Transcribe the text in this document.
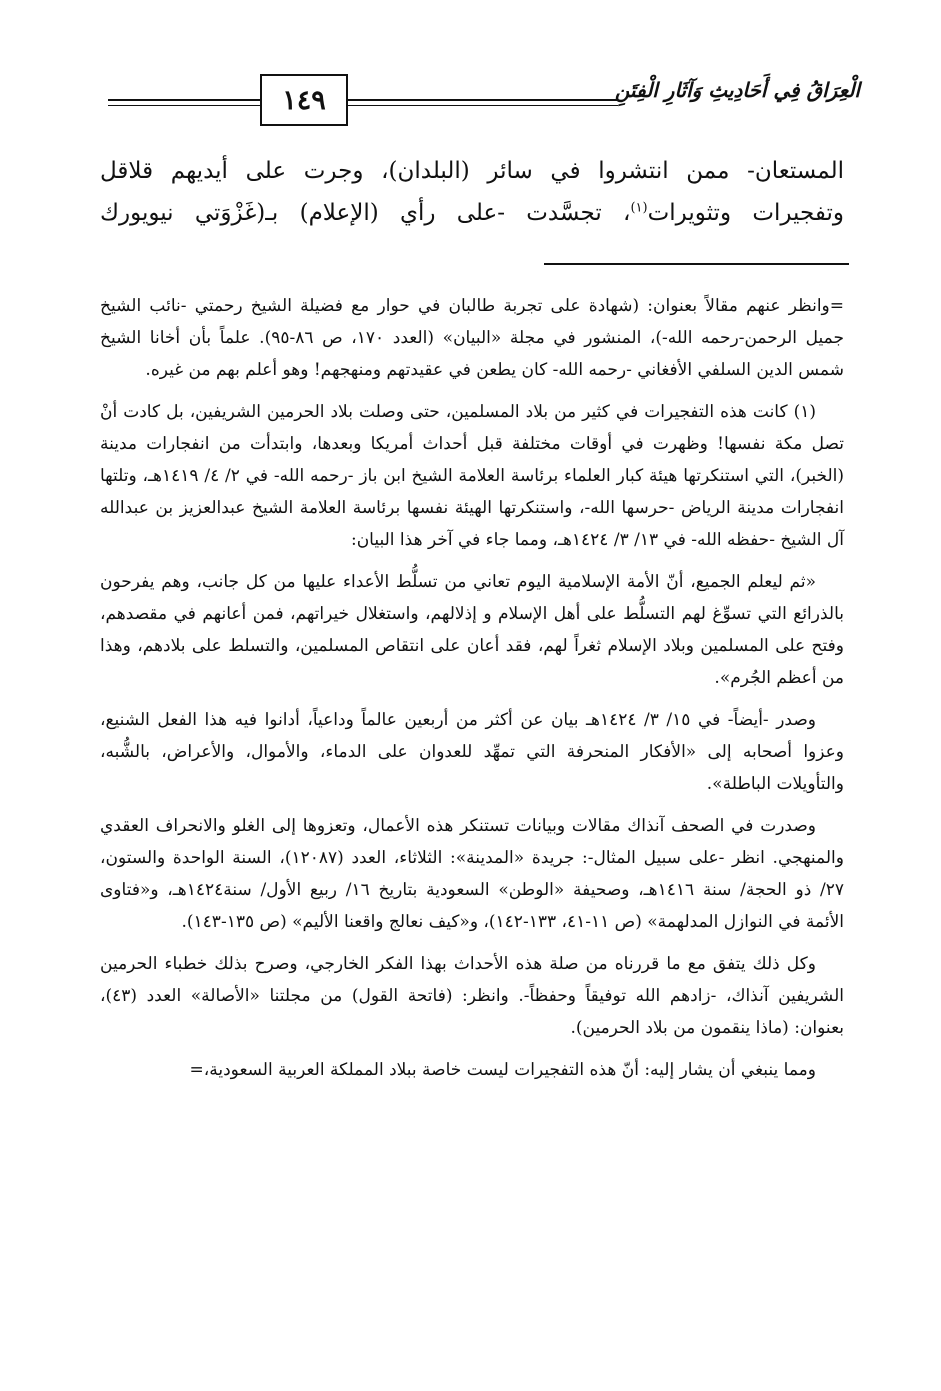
١٤٩	الْعِرَاقُ فِي أَحَادِيثِ وَآثَارِ الْفِتَنِ

المستعان- ممن انتشروا في سائر (البلدان)، وجرت على أيديهم قلاقل

وتفجيرات وتثويرات$^{(١)}$، تجسَّدت -على رأي (الإعلام) بـ(غَزْوَتي نيويورك

=وانظر عنهم مقالاً بعنوان: (شهادة على تجربة طالبان في حوار مع فضيلة الشيخ رحمتي -نائب الشيخ جميل الرحمن-رحمه الله-)، المنشور في مجلة «البيان» (العدد ١٧٠، ص ٨٦-٩٥). علماً بأن أخانا الشيخ شمس الدين السلفي الأفغاني -رحمه الله- كان يطعن في عقيدتهم ومنهجهم! وهو أعلم بهم من غيره.

(١) كانت هذه التفجيرات في كثير من بلاد المسلمين، حتى وصلت بلاد الحرمين الشريفين، بل كادت أنْ تصل مكة نفسها! وظهرت في أوقات مختلفة قبل أحداث أمريكا وبعدها، وابتدأت من انفجارات مدينة (الخبر)، التي استنكرتها هيئة كبار العلماء برئاسة العلامة الشيخ ابن باز -رحمه الله- في ٢/ ٤/ ١٤١٩هـ، وتلتها انفجارات مدينة الرياض -حرسها الله-، واستنكرتها الهيئة نفسها برئاسة العلامة الشيخ عبدالعزيز بن عبدالله آل الشيخ -حفظه الله- في ١٣/ ٣/ ١٤٢٤هـ، ومما جاء في آخر هذا البيان:

«ثم ليعلم الجميع، أنّ الأمة الإسلامية اليوم تعاني من تسلُّط الأعداء عليها من كل جانب، وهم يفرحون بالذرائع التي تسوِّغ لهم التسلُّط على أهل الإسلام و إذلالهم، واستغلال خيراتهم، فمن أعانهم في مقصدهم، وفتح على المسلمين وبلاد الإسلام ثغراً لهم، فقد أعان على انتقاص المسلمين، والتسلط على بلادهم، وهذا من أعظم الجُرم».

وصدر -أيضاً- في ١٥/ ٣/ ١٤٢٤هـ بيان عن أكثر من أربعين عالماً وداعياً، أدانوا فيه هذا الفعل الشنيع، وعزوا أصحابه إلى «الأفكار المنحرفة التي تمهِّد للعدوان على الدماء، والأموال، والأعراض، بالشُّبه، والتأويلات الباطلة».

وصدرت في الصحف آنذاك مقالات وبيانات تستنكر هذه الأعمال، وتعزوها إلى الغلو والانحراف العقدي والمنهجي. انظر -على سبيل المثال-: جريدة «المدينة»: الثلاثاء، العدد (١٢٠٨٧)، السنة الواحدة والستون، ٢٧/ ذو الحجة/ سنة ١٤١٦هـ، وصحيفة «الوطن» السعودية بتاريخ ١٦/ ربيع الأول/ سنة١٤٢٤هـ، و«فتاوى الأئمة في النوازل المدلهمة» (ص ١١-٤١، ١٣٣-١٤٢)، و«كيف نعالج واقعنا الأليم» (ص ١٣٥-١٤٣).

وكل ذلك يتفق مع ما قررناه من صلة هذه الأحداث بهذا الفكر الخارجي، وصرح بذلك خطباء الحرمين الشريفين آنذاك، -زادهم الله توفيقاً وحفظاً-. وانظر: (فاتحة القول) من مجلتنا «الأصالة» العدد (٤٣)، بعنوان: (ماذا ينقمون من بلاد الحرمين).

ومما ينبغي أن يشار إليه: أنّ هذه التفجيرات ليست خاصة ببلاد المملكة العربية السعودية،=
